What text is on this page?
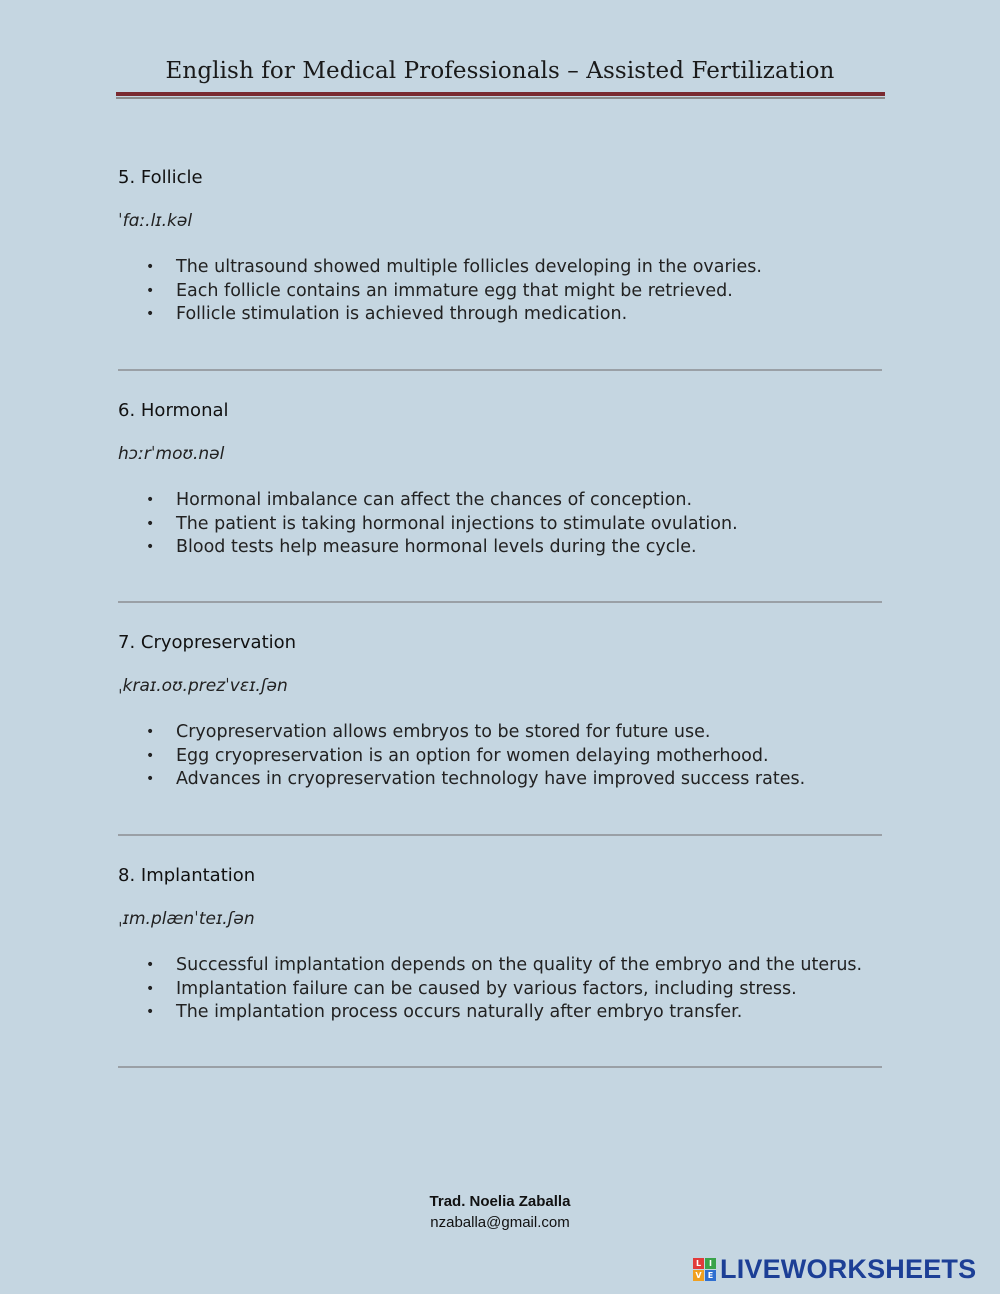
English for Medical Professionals – Assisted Fertilization
5. Follicle
ˈfɑː.lɪ.kəl
• The ultrasound showed multiple follicles developing in the ovaries.
• Each follicle contains an immature egg that might be retrieved.
• Follicle stimulation is achieved through medication.
6. Hormonal
hɔːrˈmoʊ.nəl
• Hormonal imbalance can affect the chances of conception.
• The patient is taking hormonal injections to stimulate ovulation.
• Blood tests help measure hormonal levels during the cycle.
7. Cryopreservation
ˌkraɪ.oʊ.prezˈvɛɪ.ʃən
• Cryopreservation allows embryos to be stored for future use.
• Egg cryopreservation is an option for women delaying motherhood.
• Advances in cryopreservation technology have improved success rates.
8. Implantation
ˌɪm.plænˈteɪ.ʃən
• Successful implantation depends on the quality of the embryo and the uterus.
• Implantation failure can be caused by various factors, including stress.
• The implantation process occurs naturally after embryo transfer.
Trad. Noelia Zaballa
nzaballa@gmail.com
L I
V E LIVEWORKSHEETS
